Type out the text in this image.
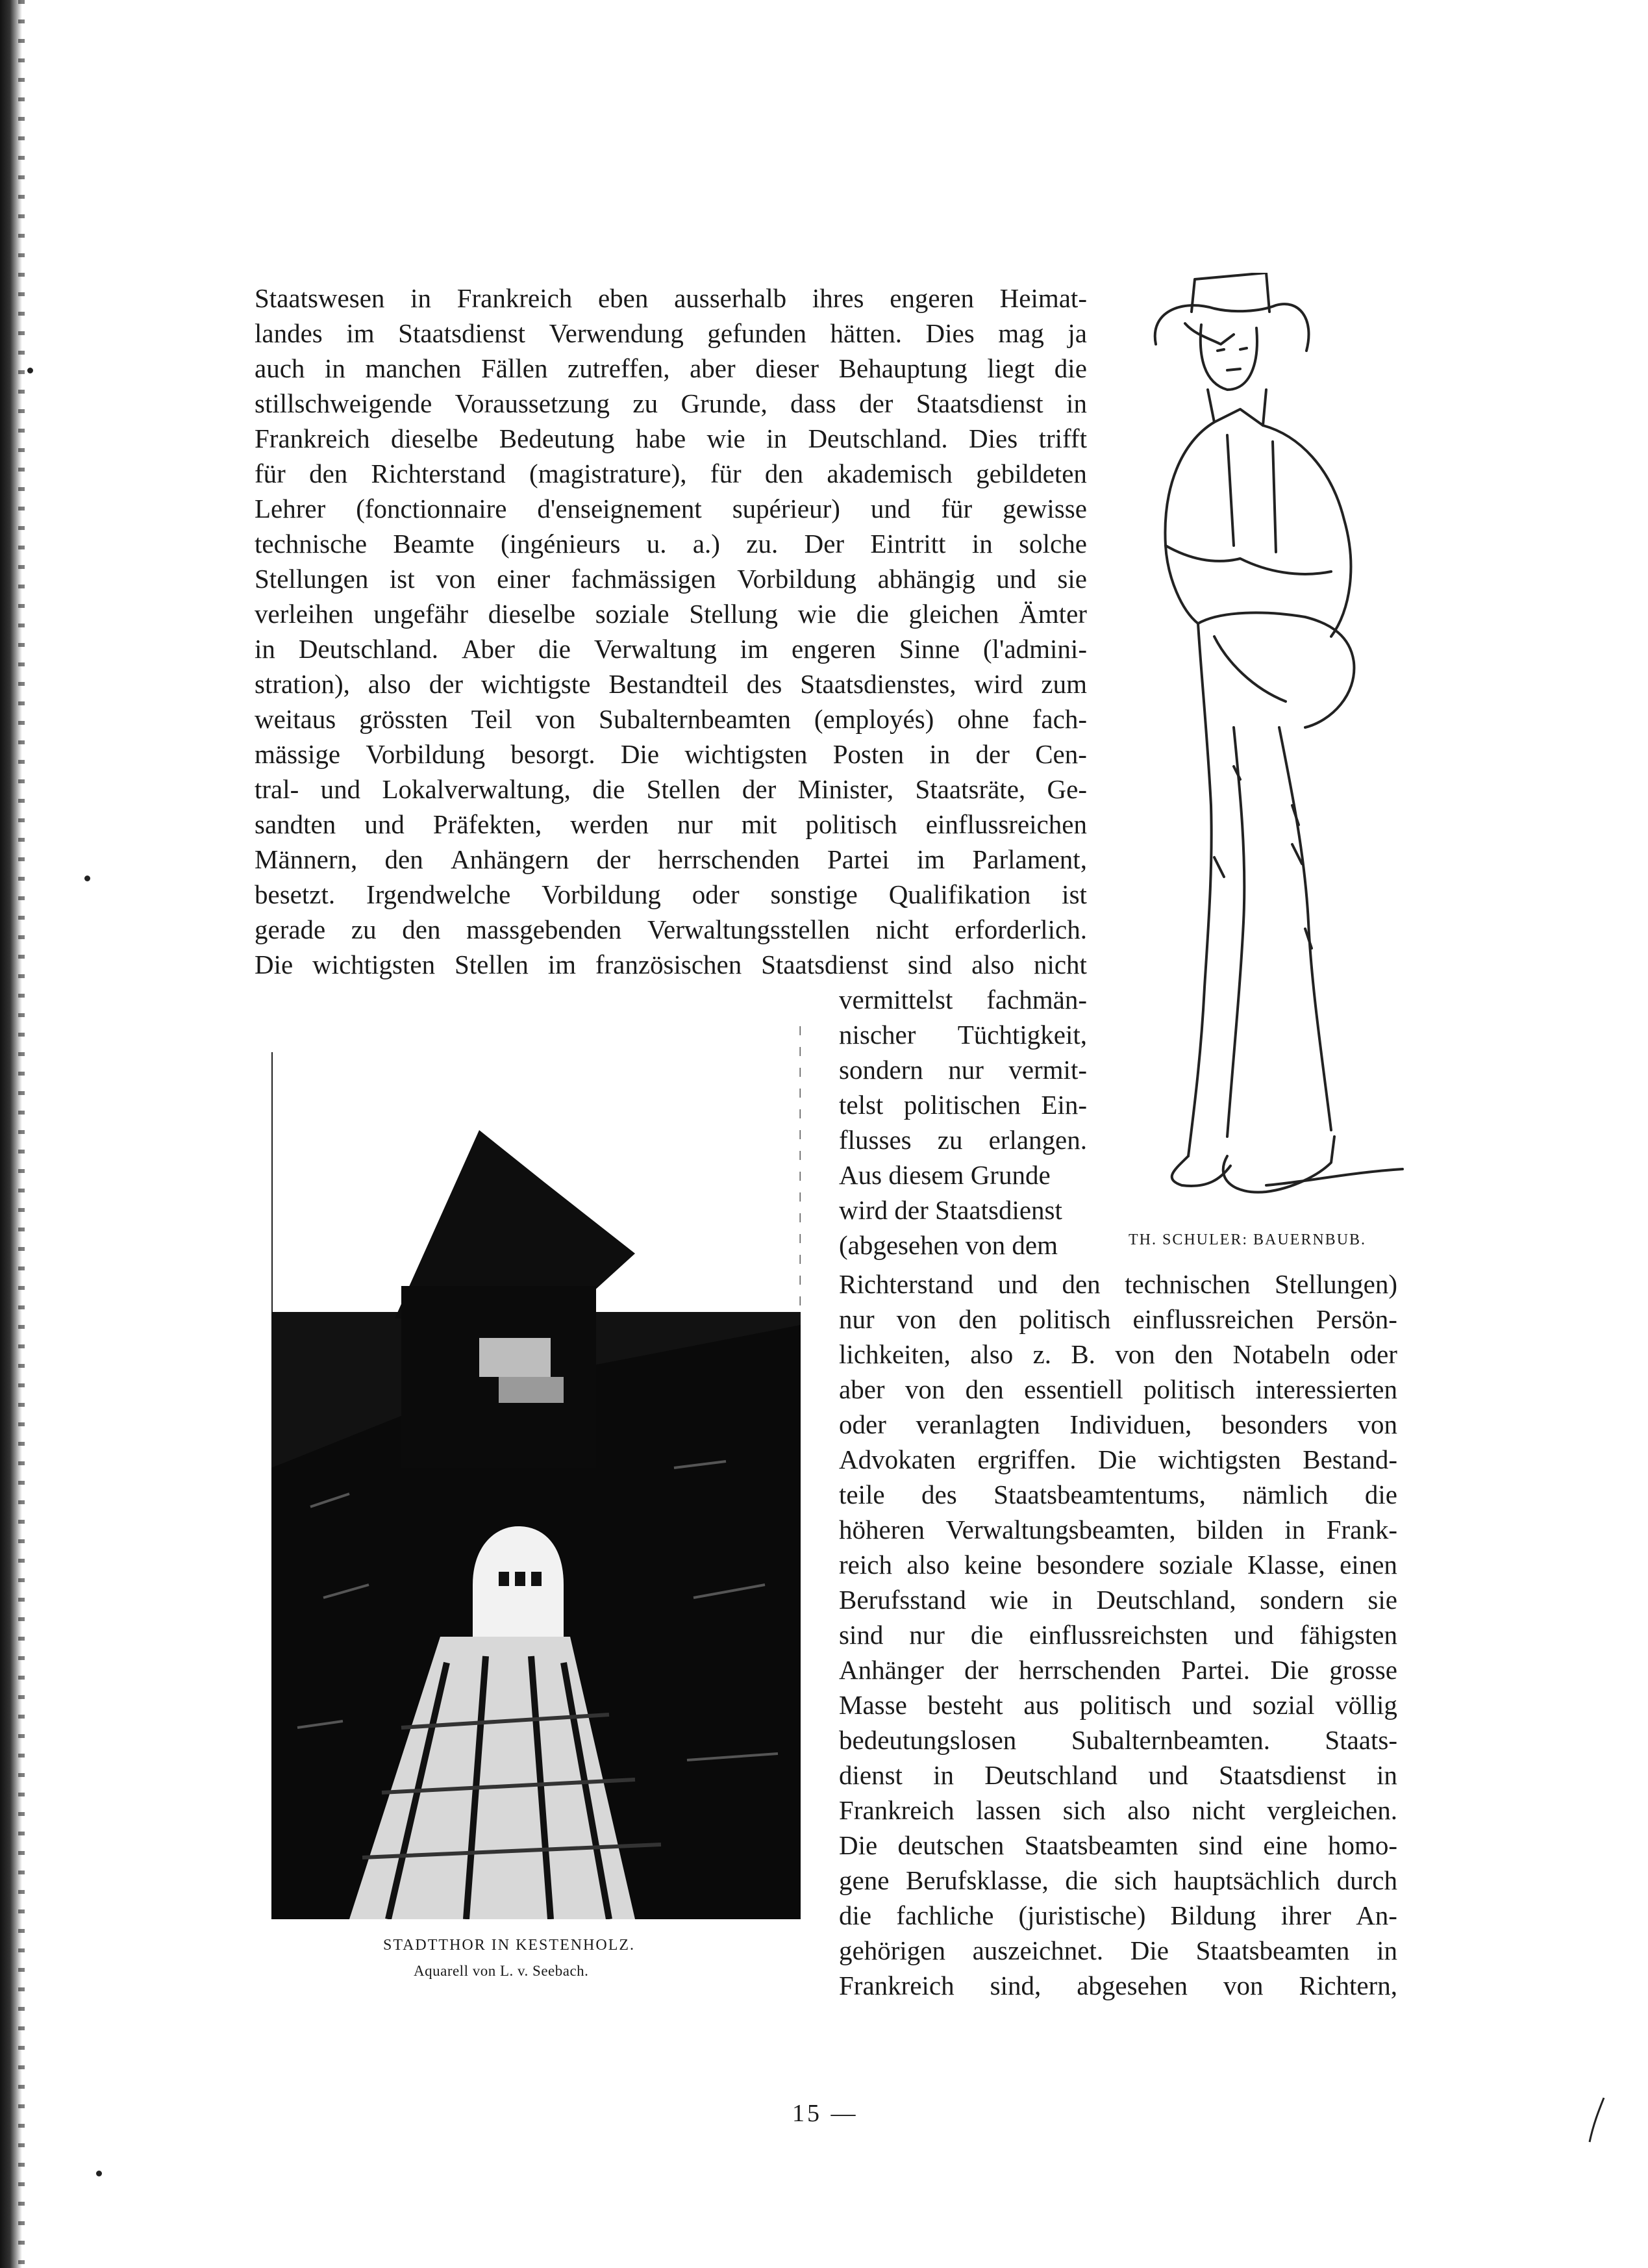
TH. SCHULER: BAUERNBUB.
STADTTHOR IN KESTENHOLZ.
Aquarell von L. v. Seebach.
Staatswesen in Frankreich eben ausserhalb ihres engeren Heimat-
landes im Staatsdienst Verwendung gefunden hätten. Dies mag ja
auch in manchen Fällen zutreffen, aber dieser Behauptung liegt die
stillschweigende Voraussetzung zu Grunde, dass der Staatsdienst in
Frankreich dieselbe Bedeutung habe wie in Deutschland. Dies trifft
für den Richterstand (magistrature), für den akademisch gebildeten
Lehrer (fonctionnaire d'enseignement supérieur) und für gewisse
technische Beamte (ingénieurs u. a.) zu. Der Eintritt in solche
Stellungen ist von einer fachmässigen Vorbildung abhängig und sie
verleihen ungefähr dieselbe soziale Stellung wie die gleichen Ämter
in Deutschland. Aber die Verwaltung im engeren Sinne (l'admini-
stration), also der wichtigste Bestandteil des Staatsdienstes, wird zum
weitaus grössten Teil von Subalternbeamten (employés) ohne fach-
mässige Vorbildung besorgt. Die wichtigsten Posten in der Cen-
tral- und Lokalverwaltung, die Stellen der Minister, Staatsräte, Ge-
sandten und Präfekten, werden nur mit politisch einflussreichen
Männern, den Anhängern der herrschenden Partei im Parlament,
besetzt. Irgendwelche Vorbildung oder sonstige Qualifikation ist
gerade zu den massgebenden Verwaltungsstellen nicht erforderlich.
Die wichtigsten Stellen im französischen Staatsdienst sind also nicht
vermittelst fachmän-
nischer Tüchtigkeit,
sondern nur vermit-
telst politischen Ein-
flusses zu erlangen.
Aus diesem Grunde
wird der Staatsdienst
(abgesehen von dem
Richterstand und den technischen Stellungen)
nur von den politisch einflussreichen Persön-
lichkeiten, also z. B. von den Notabeln oder
aber von den essentiell politisch interessierten
oder veranlagten Individuen, besonders von
Advokaten ergriffen. Die wichtigsten Bestand-
teile des Staatsbeamtentums, nämlich die
höheren Verwaltungsbeamten, bilden in Frank-
reich also keine besondere soziale Klasse, einen
Berufsstand wie in Deutschland, sondern sie
sind nur die einflussreichsten und fähigsten
Anhänger der herrschenden Partei. Die grosse
Masse besteht aus politisch und sozial völlig
bedeutungslosen Subalternbeamten. Staats-
dienst in Deutschland und Staatsdienst in
Frankreich lassen sich also nicht vergleichen.
Die deutschen Staatsbeamten sind eine homo-
gene Berufsklasse, die sich hauptsächlich durch
die fachliche (juristische) Bildung ihrer An-
gehörigen auszeichnet. Die Staatsbeamten in
Frankreich sind, abgesehen von Richtern,
15 —
